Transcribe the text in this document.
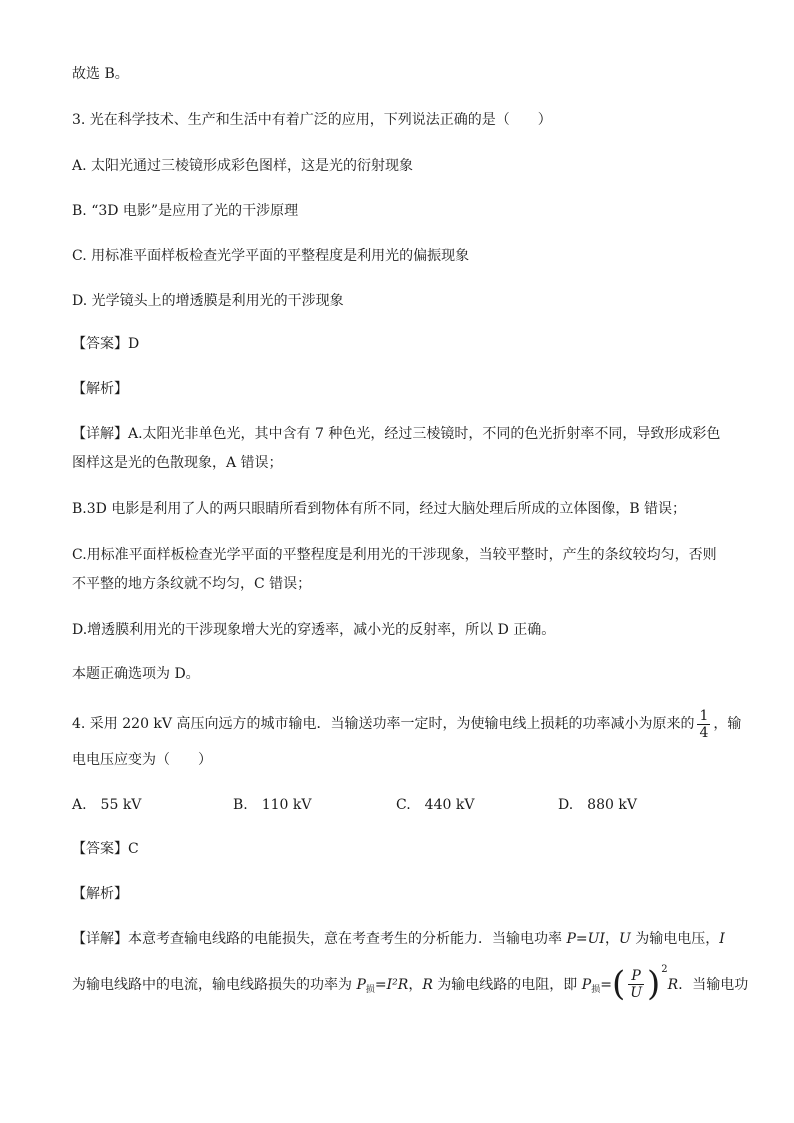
故选 B。
3. 光在科学技术、生产和生活中有着广泛的应用，下列说法正确的是（　　）
A. 太阳光通过三棱镜形成彩色图样，这是光的衍射现象
B. “3D 电影”是应用了光的干涉原理
C. 用标准平面样板检查光学平面的平整程度是利用光的偏振现象
D. 光学镜头上的增透膜是利用光的干涉现象
【答案】D
【解析】
【详解】A.太阳光非单色光，其中含有 7 种色光，经过三棱镜时，不同的色光折射率不同，导致形成彩色
图样这是光的色散现象，A 错误；
B.3D 电影是利用了人的两只眼睛所看到物体有所不同，经过大脑处理后所成的立体图像，B 错误；
C.用标准平面样板检查光学平面的平整程度是利用光的干涉现象，当较平整时，产生的条纹较均匀，否则
不平整的地方条纹就不均匀，C 错误；
D.增透膜利用光的干涉现象增大光的穿透率，减小光的反射率，所以 D 正确。
本题正确选项为 D。
4. 采用 220 kV 高压向远方的城市输电．当输送功率一定时，为使输电线上损耗的功率减小为原来的 $\frac{1}{4}$ ，输
电电压应变为（　　）
A.　55 kV	B.　110 kV	C.　440 kV	D.　880 kV
【答案】C
【解析】
【详解】本意考查输电线路的电能损失，意在考查考生的分析能力．当输电功率 P=UI，U 为输电电压，I
为输电线路中的电流，输电线路损失的功率为 $P_损=I^2R$，R 为输电线路的电阻，即 $P_损=( \frac{P}{U} )^2R$．当输电功
